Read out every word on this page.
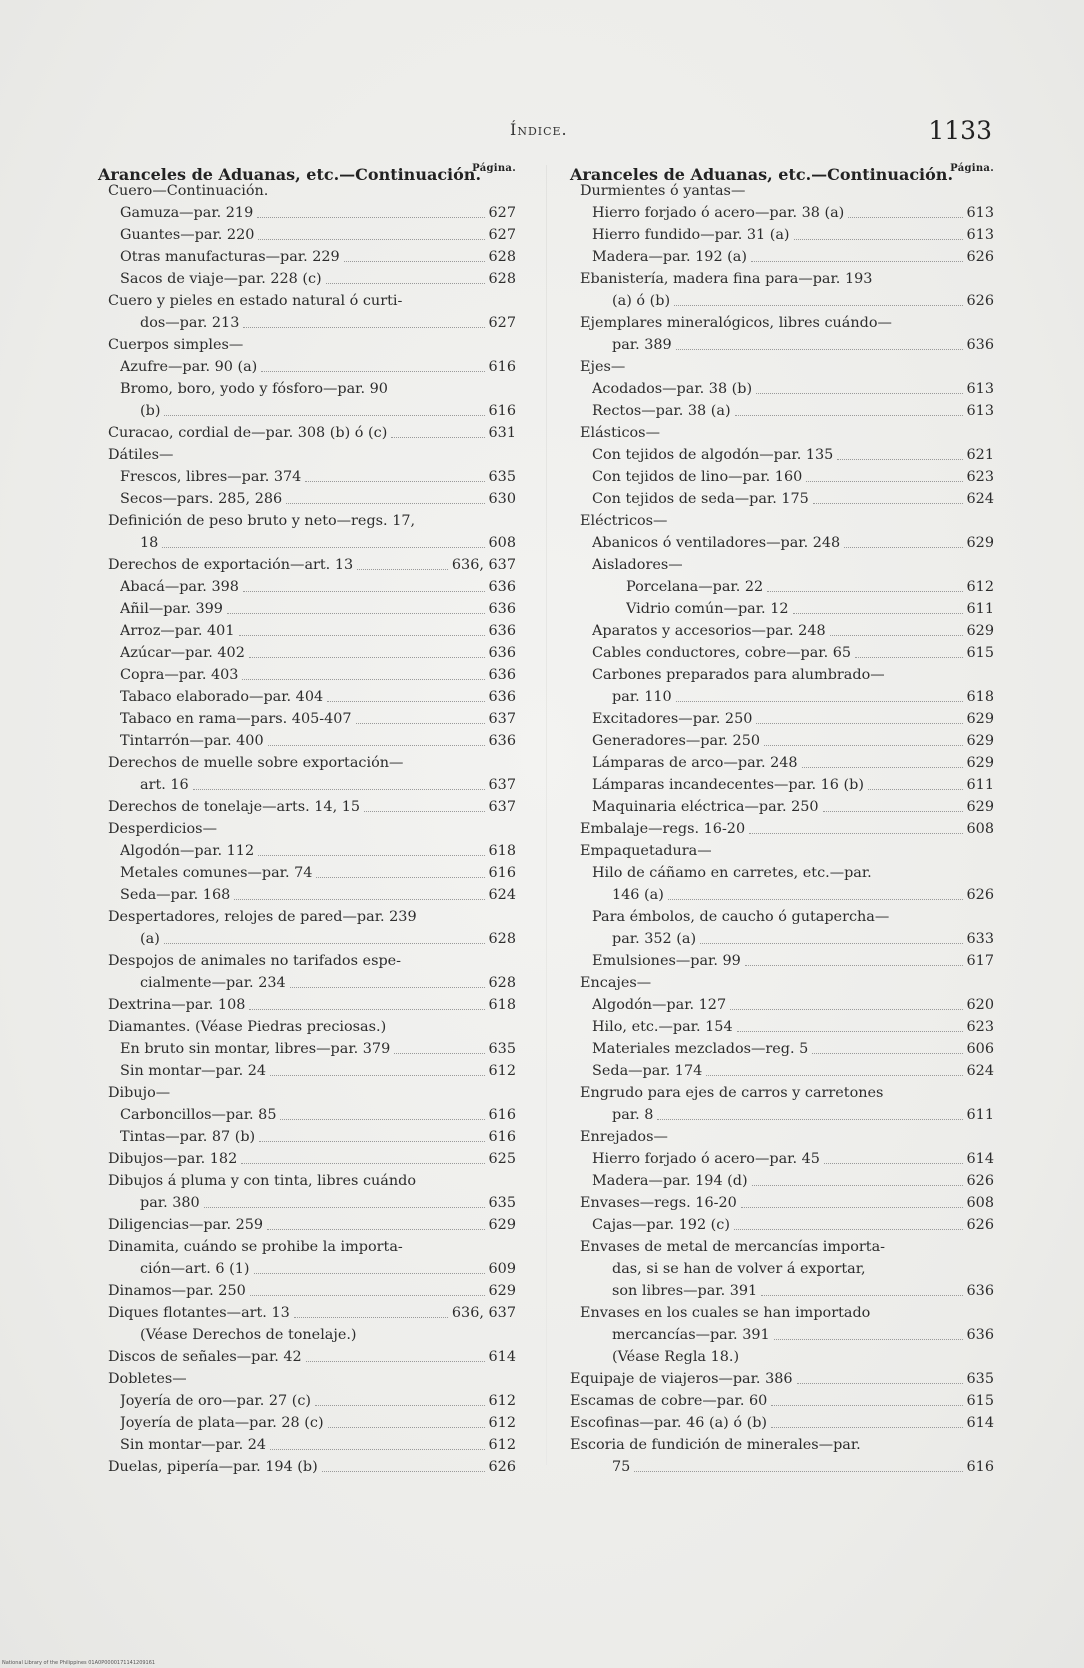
Índice.	1133
Aranceles de Aduanas, etc.—Continuación.
Página.
Cuero—Continuación.
Gamuza—par. 219	627
Guantes—par. 220	627
Otras manufacturas—par. 229	628
Sacos de viaje—par. 228 (c)	628
Cuero y pieles en estado natural ó curti-
dos—par. 213	627
Cuerpos simples—
Azufre—par. 90 (a)	616
Bromo, boro, yodo y fósforo—par. 90
(b)	616
Curacao, cordial de—par. 308 (b) ó (c)	631
Dátiles—
Frescos, libres—par. 374	635
Secos—pars. 285, 286	630
Definición de peso bruto y neto—regs. 17,
18	608
Derechos de exportación—art. 13	636, 637
Abacá—par. 398	636
Añil—par. 399	636
Arroz—par. 401	636
Azúcar—par. 402	636
Copra—par. 403	636
Tabaco elaborado—par. 404	636
Tabaco en rama—pars. 405-407	637
Tintarrón—par. 400	636
Derechos de muelle sobre exportación—
art. 16	637
Derechos de tonelaje—arts. 14, 15	637
Desperdicios—
Algodón—par. 112	618
Metales comunes—par. 74	616
Seda—par. 168	624
Despertadores, relojes de pared—par. 239
(a)	628
Despojos de animales no tarifados espe-
cialmente—par. 234	628
Dextrina—par. 108	618
Diamantes. (Véase Piedras preciosas.)
En bruto sin montar, libres—par. 379	635
Sin montar—par. 24	612
Dibujo—
Carboncillos—par. 85	616
Tintas—par. 87 (b)	616
Dibujos—par. 182	625
Dibujos á pluma y con tinta, libres cuándo
par. 380	635
Diligencias—par. 259	629
Dinamita, cuándo se prohibe la importa-
ción—art. 6 (1)	609
Dinamos—par. 250	629
Diques flotantes—art. 13	636, 637
(Véase Derechos de tonelaje.)
Discos de señales—par. 42	614
Dobletes—
Joyería de oro—par. 27 (c)	612
Joyería de plata—par. 28 (c)	612
Sin montar—par. 24	612
Duelas, pipería—par. 194 (b)	626
Aranceles de Aduanas, etc.—Continuación.
Página.
Durmientes ó yantas—
Hierro forjado ó acero—par. 38 (a)	613
Hierro fundido—par. 31 (a)	613
Madera—par. 192 (a)	626
Ebanistería, madera fina para—par. 193
(a) ó (b)	626
Ejemplares mineralógicos, libres cuándo—
par. 389	636
Ejes—
Acodados—par. 38 (b)	613
Rectos—par. 38 (a)	613
Elásticos—
Con tejidos de algodón—par. 135	621
Con tejidos de lino—par. 160	623
Con tejidos de seda—par. 175	624
Eléctricos—
Abanicos ó ventiladores—par. 248	629
Aisladores—
Porcelana—par. 22	612
Vidrio común—par. 12	611
Aparatos y accesorios—par. 248	629
Cables conductores, cobre—par. 65	615
Carbones preparados para alumbrado—
par. 110	618
Excitadores—par. 250	629
Generadores—par. 250	629
Lámparas de arco—par. 248	629
Lámparas incandecentes—par. 16 (b)	611
Maquinaria eléctrica—par. 250	629
Embalaje—regs. 16-20	608
Empaquetadura—
Hilo de cáñamo en carretes, etc.—par.
146 (a)	626
Para émbolos, de caucho ó gutapercha—
par. 352 (a)	633
Emulsiones—par. 99	617
Encajes—
Algodón—par. 127	620
Hilo, etc.—par. 154	623
Materiales mezclados—reg. 5	606
Seda—par. 174	624
Engrudo para ejes de carros y carretones
par. 8	611
Enrejados—
Hierro forjado ó acero—par. 45	614
Madera—par. 194 (d)	626
Envases—regs. 16-20	608
Cajas—par. 192 (c)	626
Envases de metal de mercancías importa-
das, si se han de volver á exportar,
son libres—par. 391	636
Envases en los cuales se han importado
mercancías—par. 391	636
(Véase Regla 18.)
Equipaje de viajeros—par. 386	635
Escamas de cobre—par. 60	615
Escofinas—par. 46 (a) ó (b)	614
Escoria de fundición de minerales—par.
75	616
National Library of the Philippines 01A0P0000171141209161
